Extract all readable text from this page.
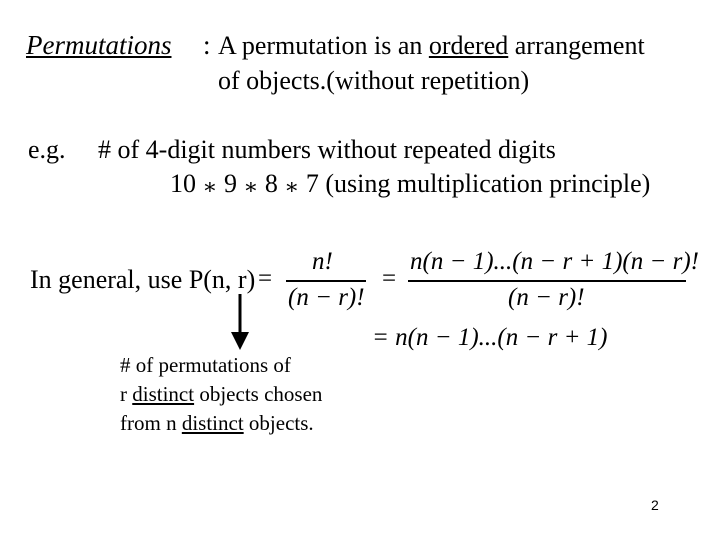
Permutations : A permutation is an ordered arrangement
of objects.(without repetition)
e.g. # of 4-digit numbers without repeated digits
10 ∗ 9 ∗ 8 ∗ 7 (using multiplication principle)
In general, use P(n, r) =
n!
(n − r)!
=
n(n − 1)...(n − r + 1)(n − r)!
(n − r)!
= n(n − 1)...(n − r + 1)
# of permutations of
r distinct objects chosen
from n distinct objects.
2
